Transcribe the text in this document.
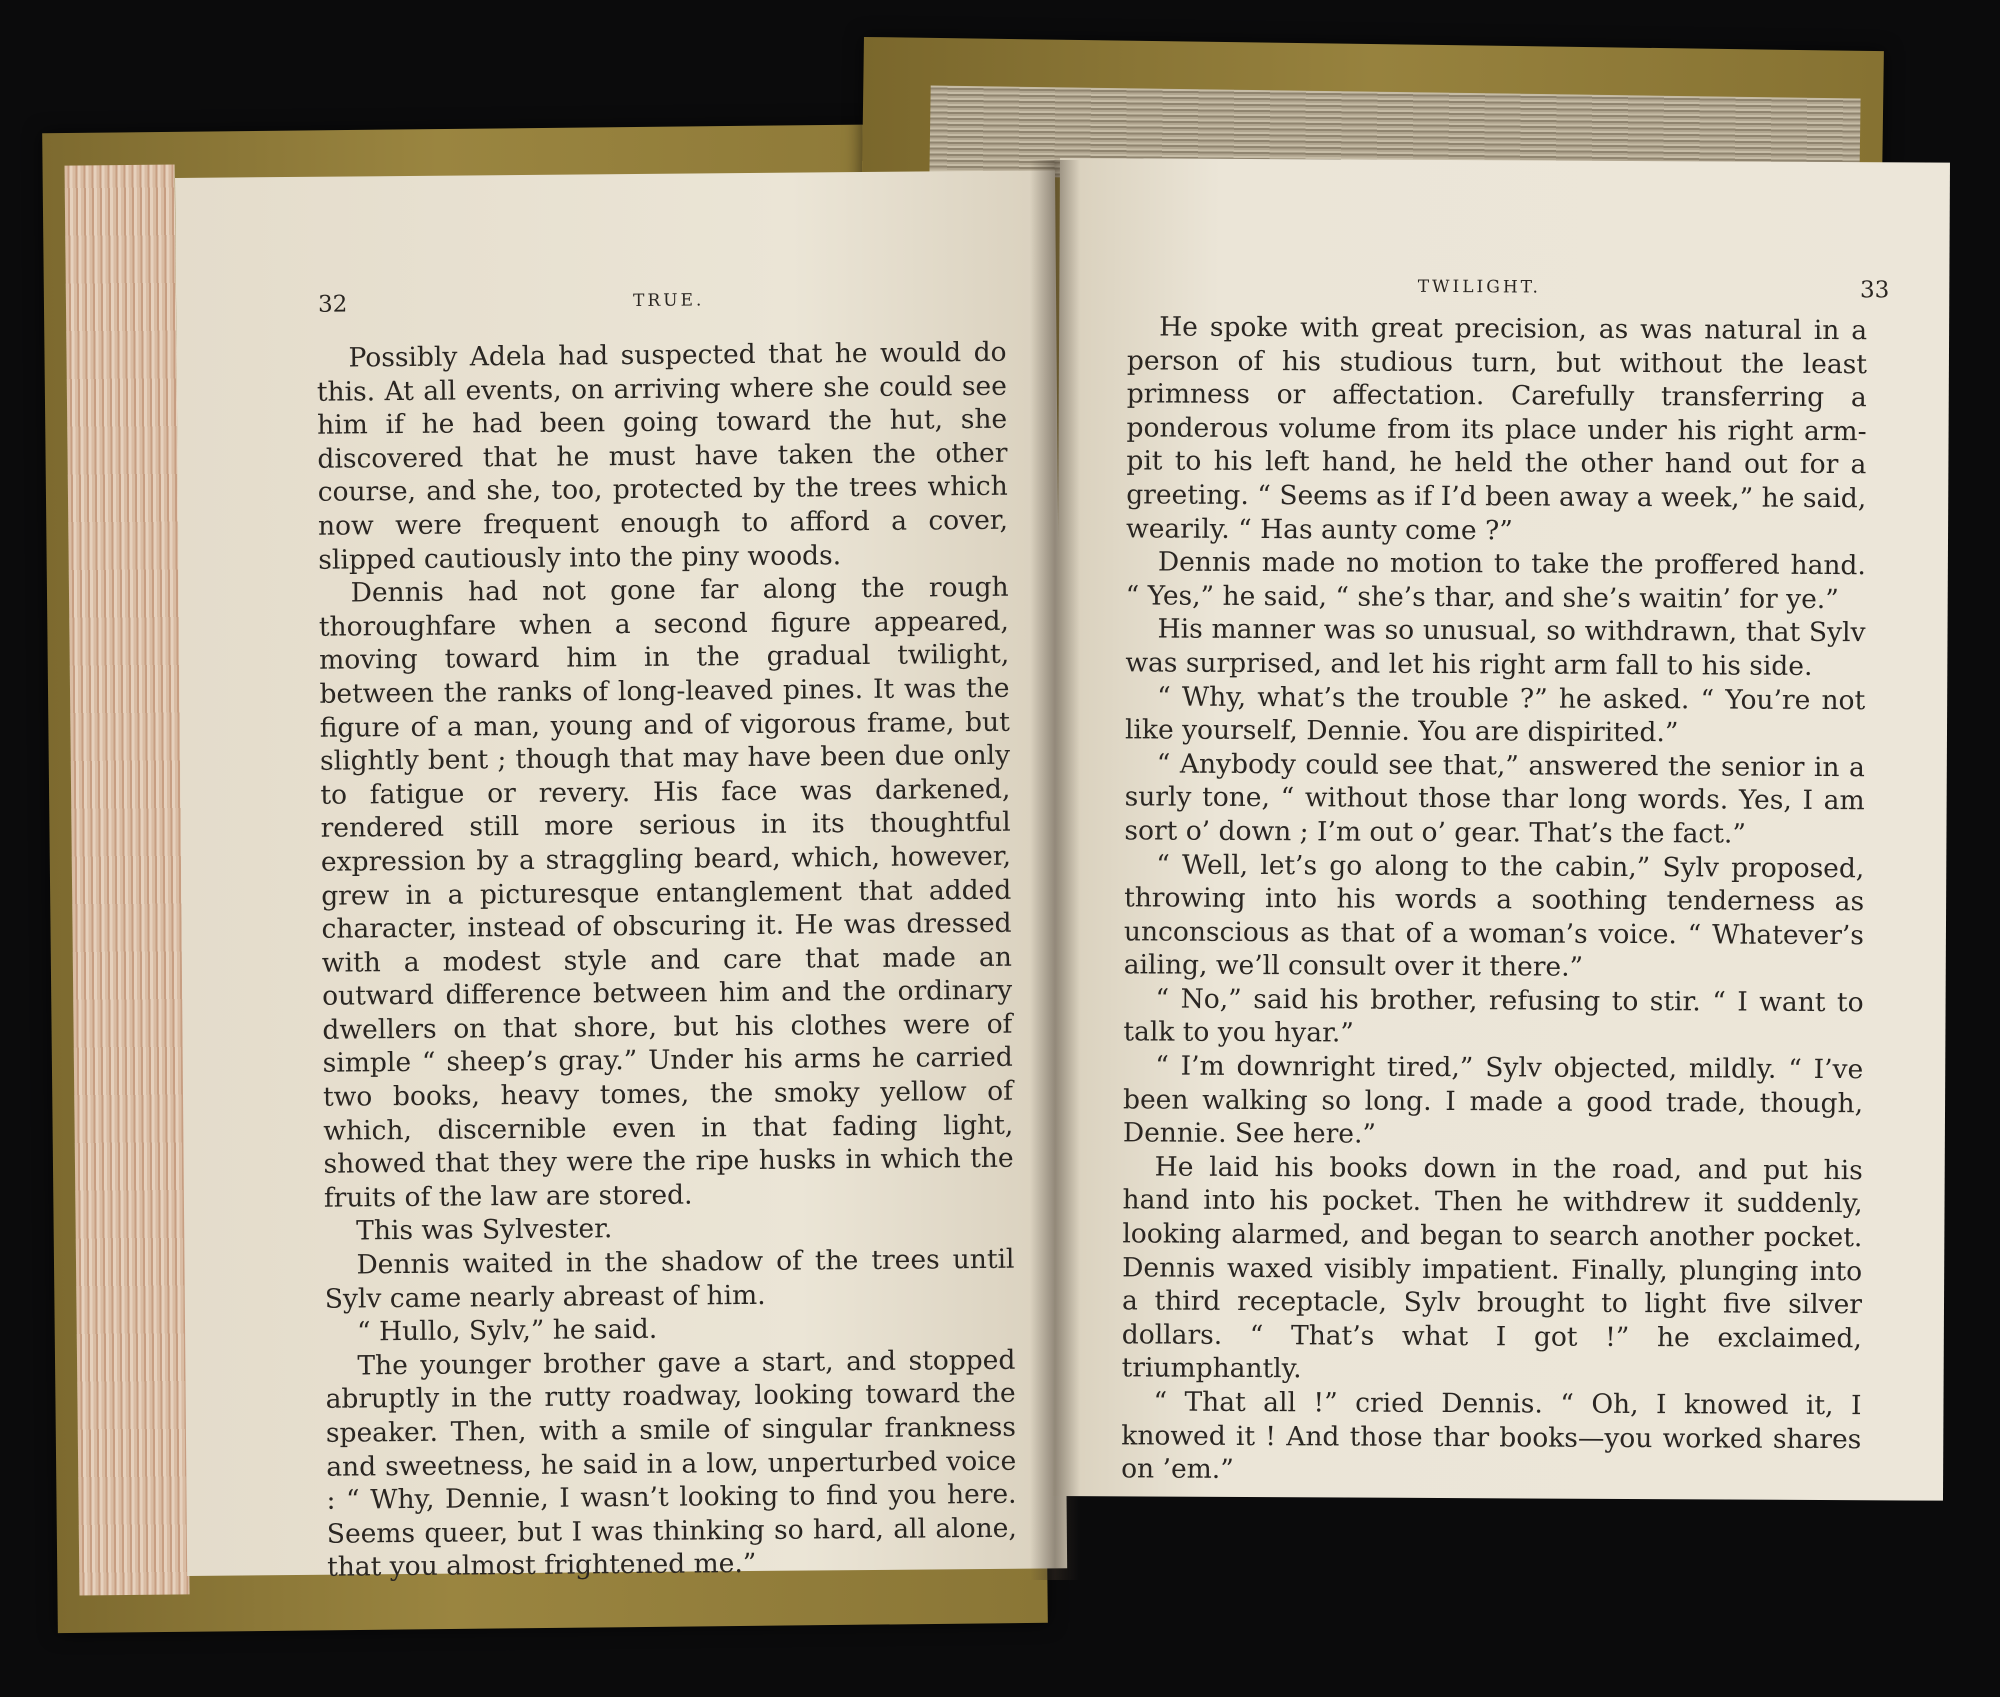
32	TRUE.

Possibly Adela had suspected that he would do this. At all events, on arriving where she could see him if he had been going toward the hut, she discovered that he must have taken the other course, and she, too, protected by the trees which now were frequent enough to afford a cover, slipped cautiously into the piny woods.

Dennis had not gone far along the rough thoroughfare when a second figure appeared, moving toward him in the gradual twilight, between the ranks of long-leaved pines. It was the figure of a man, young and of vigorous frame, but slightly bent ; though that may have been due only to fatigue or revery. His face was darkened, rendered still more serious in its thoughtful expression by a straggling beard, which, however, grew in a picturesque entanglement that added character, instead of obscuring it. He was dressed with a modest style and care that made an outward difference between him and the ordinary dwellers on that shore, but his clothes were of simple “ sheep’s gray.” Under his arms he carried two books, heavy tomes, the smoky yellow of which, discernible even in that fading light, showed that they were the ripe husks in which the fruits of the law are stored.

This was Sylvester.

Dennis waited in the shadow of the trees until Sylv came nearly abreast of him.

“ Hullo, Sylv,” he said.

The younger brother gave a start, and stopped abruptly in the rutty roadway, looking toward the speaker. Then, with a smile of singular frankness and sweetness, he said in a low, unperturbed voice : “ Why, Dennie, I wasn’t looking to find you here. Seems queer, but I was thinking so hard, all alone, that you almost frightened me.”

TWILIGHT.	33

He spoke with great precision, as was natural in a person of his studious turn, but without the least primness or affectation. Carefully transferring a ponderous volume from its place under his right arm-pit to his left hand, he held the other hand out for a greeting. “ Seems as if I’d been away a week,” he said, wearily. “ Has aunty come ?”

Dennis made no motion to take the proffered hand. “ Yes,” he said, “ she’s thar, and she’s waitin’ for ye.”

His manner was so unusual, so withdrawn, that Sylv was surprised, and let his right arm fall to his side.

“ Why, what’s the trouble ?” he asked. “ You’re not like yourself, Dennie. You are dispirited.”

“ Anybody could see that,” answered the senior in a surly tone, “ without those thar long words. Yes, I am sort o’ down ; I’m out o’ gear. That’s the fact.”

“ Well, let’s go along to the cabin,” Sylv proposed, throwing into his words a soothing tenderness as unconscious as that of a woman’s voice. “ Whatever’s ailing, we’ll consult over it there.”

“ No,” said his brother, refusing to stir. “ I want to talk to you hyar.”

“ I’m downright tired,” Sylv objected, mildly. “ I’ve been walking so long. I made a good trade, though, Dennie. See here.”

He laid his books down in the road, and put his hand into his pocket. Then he withdrew it suddenly, looking alarmed, and began to search another pocket. Dennis waxed visibly impatient. Finally, plunging into a third receptacle, Sylv brought to light five silver dollars. “ That’s what I got !” he exclaimed, triumphantly.

“ That all !” cried Dennis. “ Oh, I knowed it, I knowed it ! And those thar books—you worked shares on ’em.”
